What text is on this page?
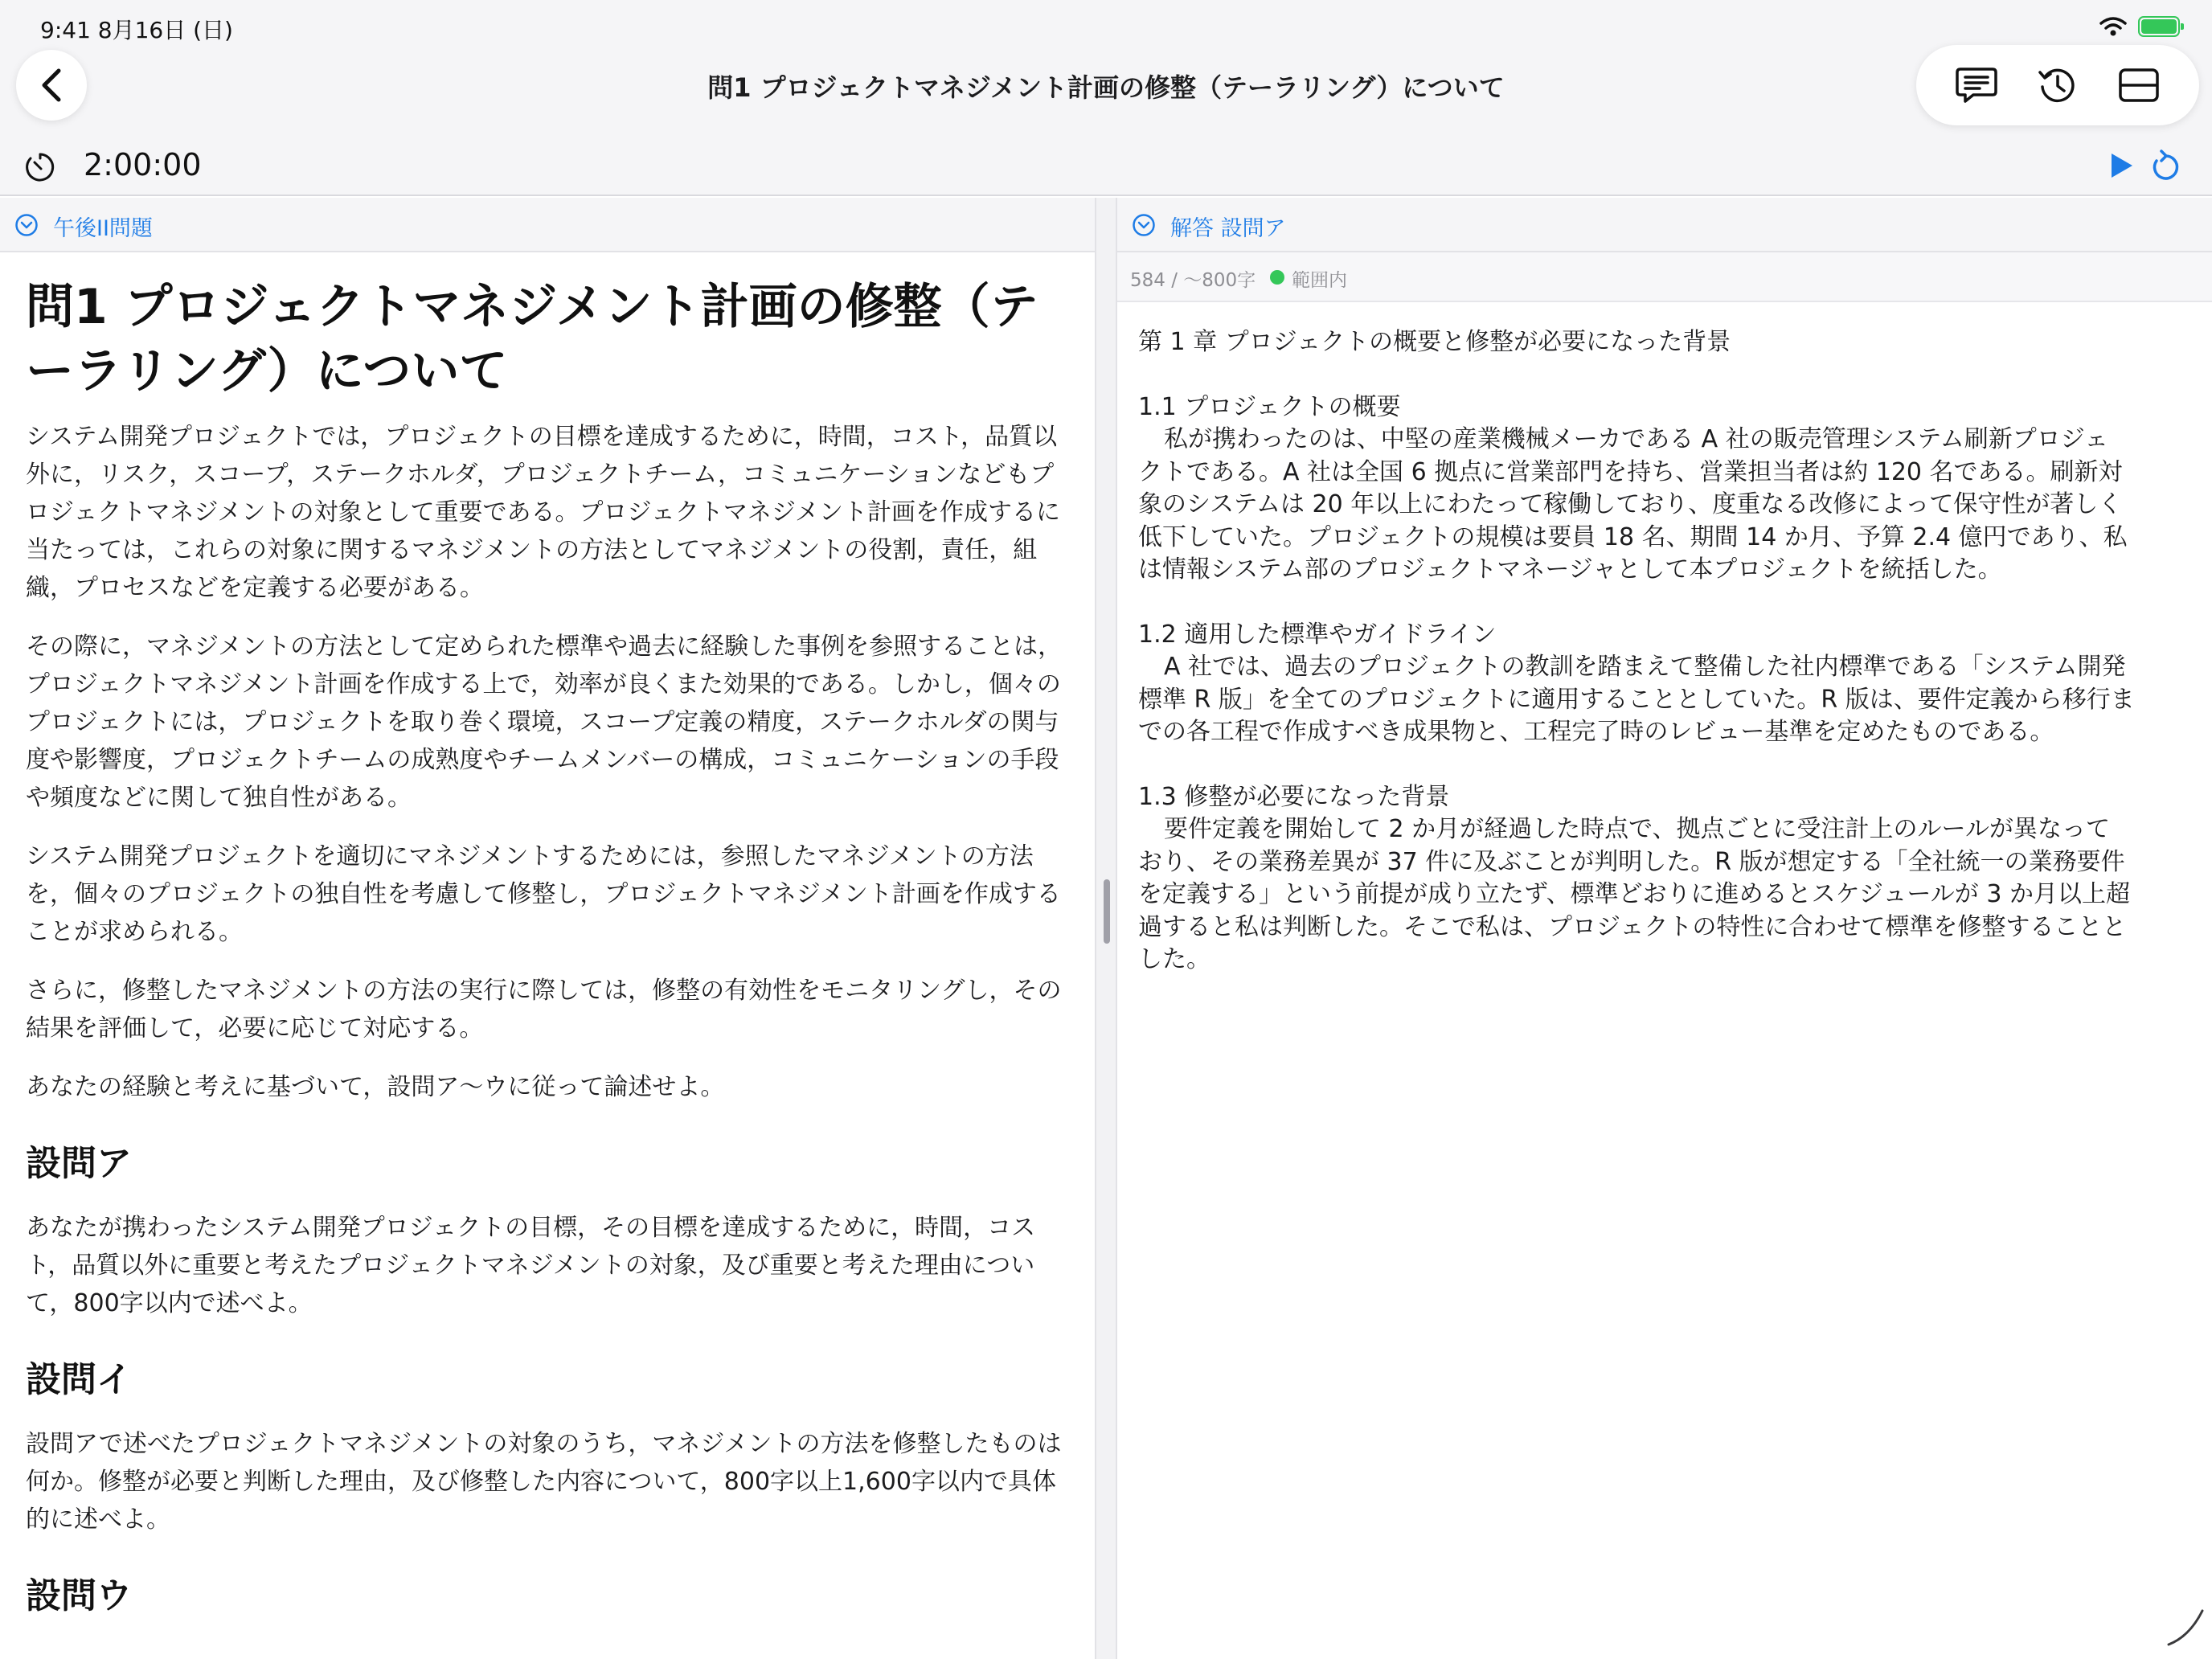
9:41 8月16日 (日)
問1 プロジェクトマネジメント計画の修整（テーラリング）について
2:00:00
午後II問題
問1 プロジェクトマネジメント計画の修整（テーラリング）について

システム開発プロジェクトでは，プロジェクトの目標を達成するために，時間，コスト，品質以外に，リスク，スコープ，ステークホルダ，プロジェクトチーム，コミュニケーションなどもプロジェクトマネジメントの対象として重要である。プロジェクトマネジメント計画を作成するに当たっては，これらの対象に関するマネジメントの方法としてマネジメントの役割，責任，組織，プロセスなどを定義する必要がある。

その際に，マネジメントの方法として定められた標準や過去に経験した事例を参照することは，プロジェクトマネジメント計画を作成する上で，効率が良くまた効果的である。しかし，個々のプロジェクトには，プロジェクトを取り巻く環境，スコープ定義の精度，ステークホルダの関与度や影響度，プロジェクトチームの成熟度やチームメンバーの構成，コミュニケーションの手段や頻度などに関して独自性がある。

システム開発プロジェクトを適切にマネジメントするためには，参照したマネジメントの方法を，個々のプロジェクトの独自性を考慮して修整し，プロジェクトマネジメント計画を作成することが求められる。

さらに，修整したマネジメントの方法の実行に際しては，修整の有効性をモニタリングし，その結果を評価して，必要に応じて対応する。

あなたの経験と考えに基づいて，設問ア〜ウに従って論述せよ。

設問ア

あなたが携わったシステム開発プロジェクトの目標，その目標を達成するために，時間，コスト，品質以外に重要と考えたプロジェクトマネジメントの対象，及び重要と考えた理由について，800字以内で述べよ。

設問イ

設問アで述べたプロジェクトマネジメントの対象のうち，マネジメントの方法を修整したものは何か。修整が必要と判断した理由，及び修整した内容について，800字以上1,600字以内で具体的に述べよ。

設問ウ
解答 設問ア
584 / 〜800字 範囲内
第 1 章 プロジェクトの概要と修整が必要になった背景
1.1 プロジェクトの概要
私が携わったのは、中堅の産業機械メーカである A 社の販売管理システム刷新プロジェ
クトである。A 社は全国 6 拠点に営業部門を持ち、営業担当者は約 120 名である。刷新対
象のシステムは 20 年以上にわたって稼働しており、度重なる改修によって保守性が著しく
低下していた。プロジェクトの規模は要員 18 名、期間 14 か月、予算 2.4 億円であり、私
は情報システム部のプロジェクトマネージャとして本プロジェクトを統括した。
1.2 適用した標準やガイドライン
A 社では、過去のプロジェクトの教訓を踏まえて整備した社内標準である「システム開発
標準 R 版」を全てのプロジェクトに適用することとしていた。R 版は、要件定義から移行ま
での各工程で作成すべき成果物と、工程完了時のレビュー基準を定めたものである。
1.3 修整が必要になった背景
要件定義を開始して 2 か月が経過した時点で、拠点ごとに受注計上のルールが異なって
おり、その業務差異が 37 件に及ぶことが判明した。R 版が想定する「全社統一の業務要件
を定義する」という前提が成り立たず、標準どおりに進めるとスケジュールが 3 か月以上超
過すると私は判断した。そこで私は、プロジェクトの特性に合わせて標準を修整することと
した。
